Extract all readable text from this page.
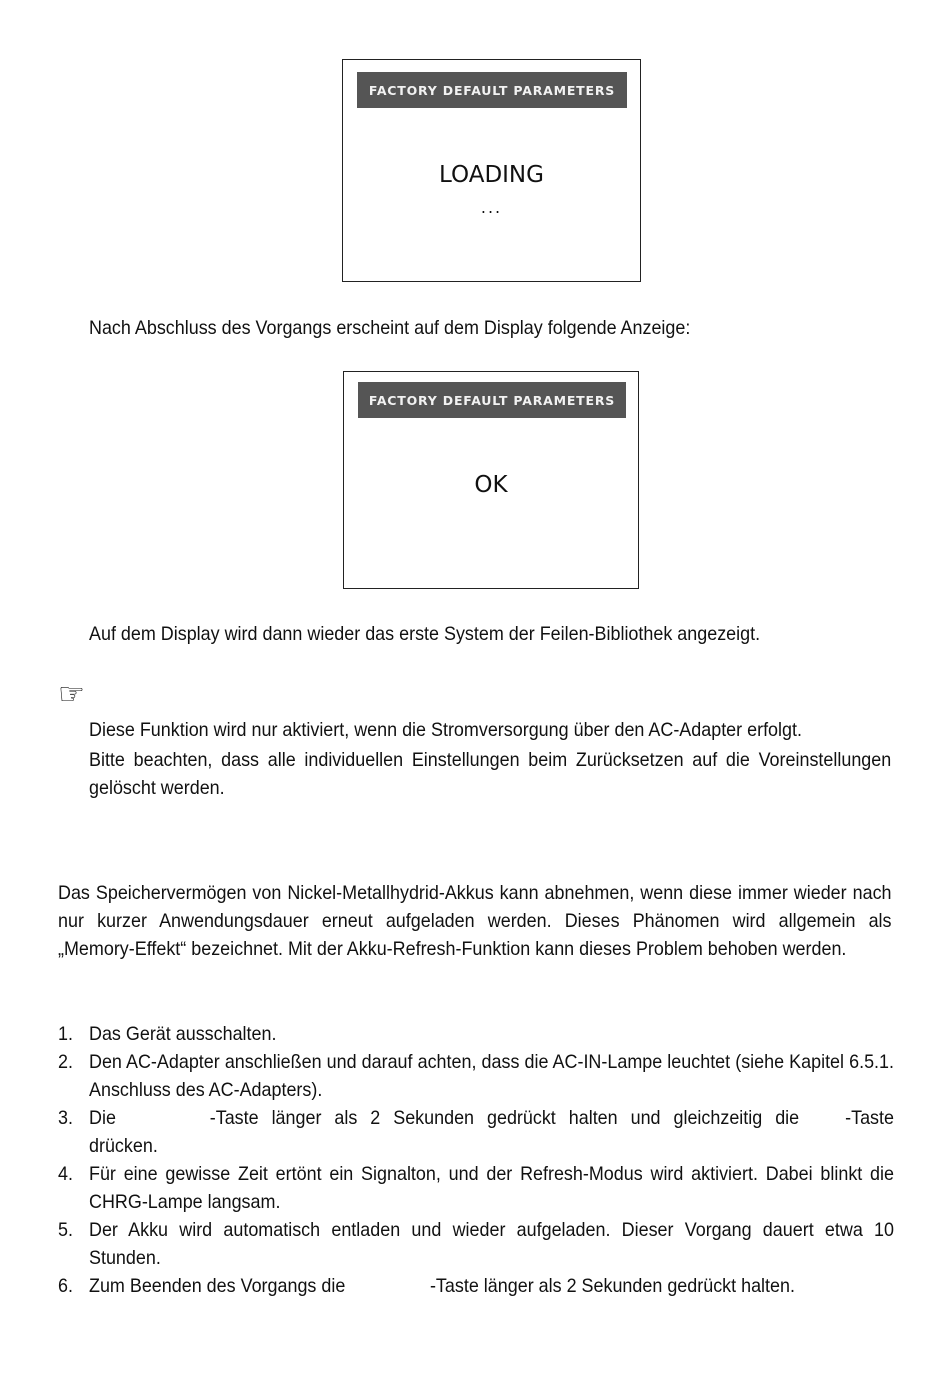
FACTORY DEFAULT PARAMETERS
LOADING
...
Nach Abschluss des Vorgangs erscheint auf dem Display folgende Anzeige:
FACTORY DEFAULT PARAMETERS
OK
Auf dem Display wird dann wieder das erste System der Feilen-Bibliothek angezeigt.
☞
Diese Funktion wird nur aktiviert, wenn die Stromversorgung über den AC-Adapter erfolgt.
Bitte beachten, dass alle individuellen Einstellungen beim Zurücksetzen auf die Voreinstellungen gelöscht werden.
Das Speichervermögen von Nickel-Metallhydrid-Akkus kann abnehmen, wenn diese immer wieder nach nur kurzer Anwendungsdauer erneut aufgeladen werden. Dieses Phänomen wird allgemein als „Memory-Effekt“ bezeichnet. Mit der Akku-Refresh-Funktion kann dieses Problem behoben werden.
1. Das Gerät ausschalten.
2. Den AC-Adapter anschließen und darauf achten, dass die AC-IN-Lampe leuchtet (siehe Kapitel 6.5.1. Anschluss des AC-Adapters).
3. Die	-Taste länger als 2 Sekunden gedrückt halten und gleichzeitig die -Taste drücken.
4. Für eine gewisse Zeit ertönt ein Signalton, und der Refresh-Modus wird aktiviert. Dabei blinkt die CHRG-Lampe langsam.
5. Der Akku wird automatisch entladen und wieder aufgeladen. Dieser Vorgang dauert etwa 10 Stunden.
6. Zum Beenden des Vorgangs die	-Taste länger als 2 Sekunden gedrückt halten.
